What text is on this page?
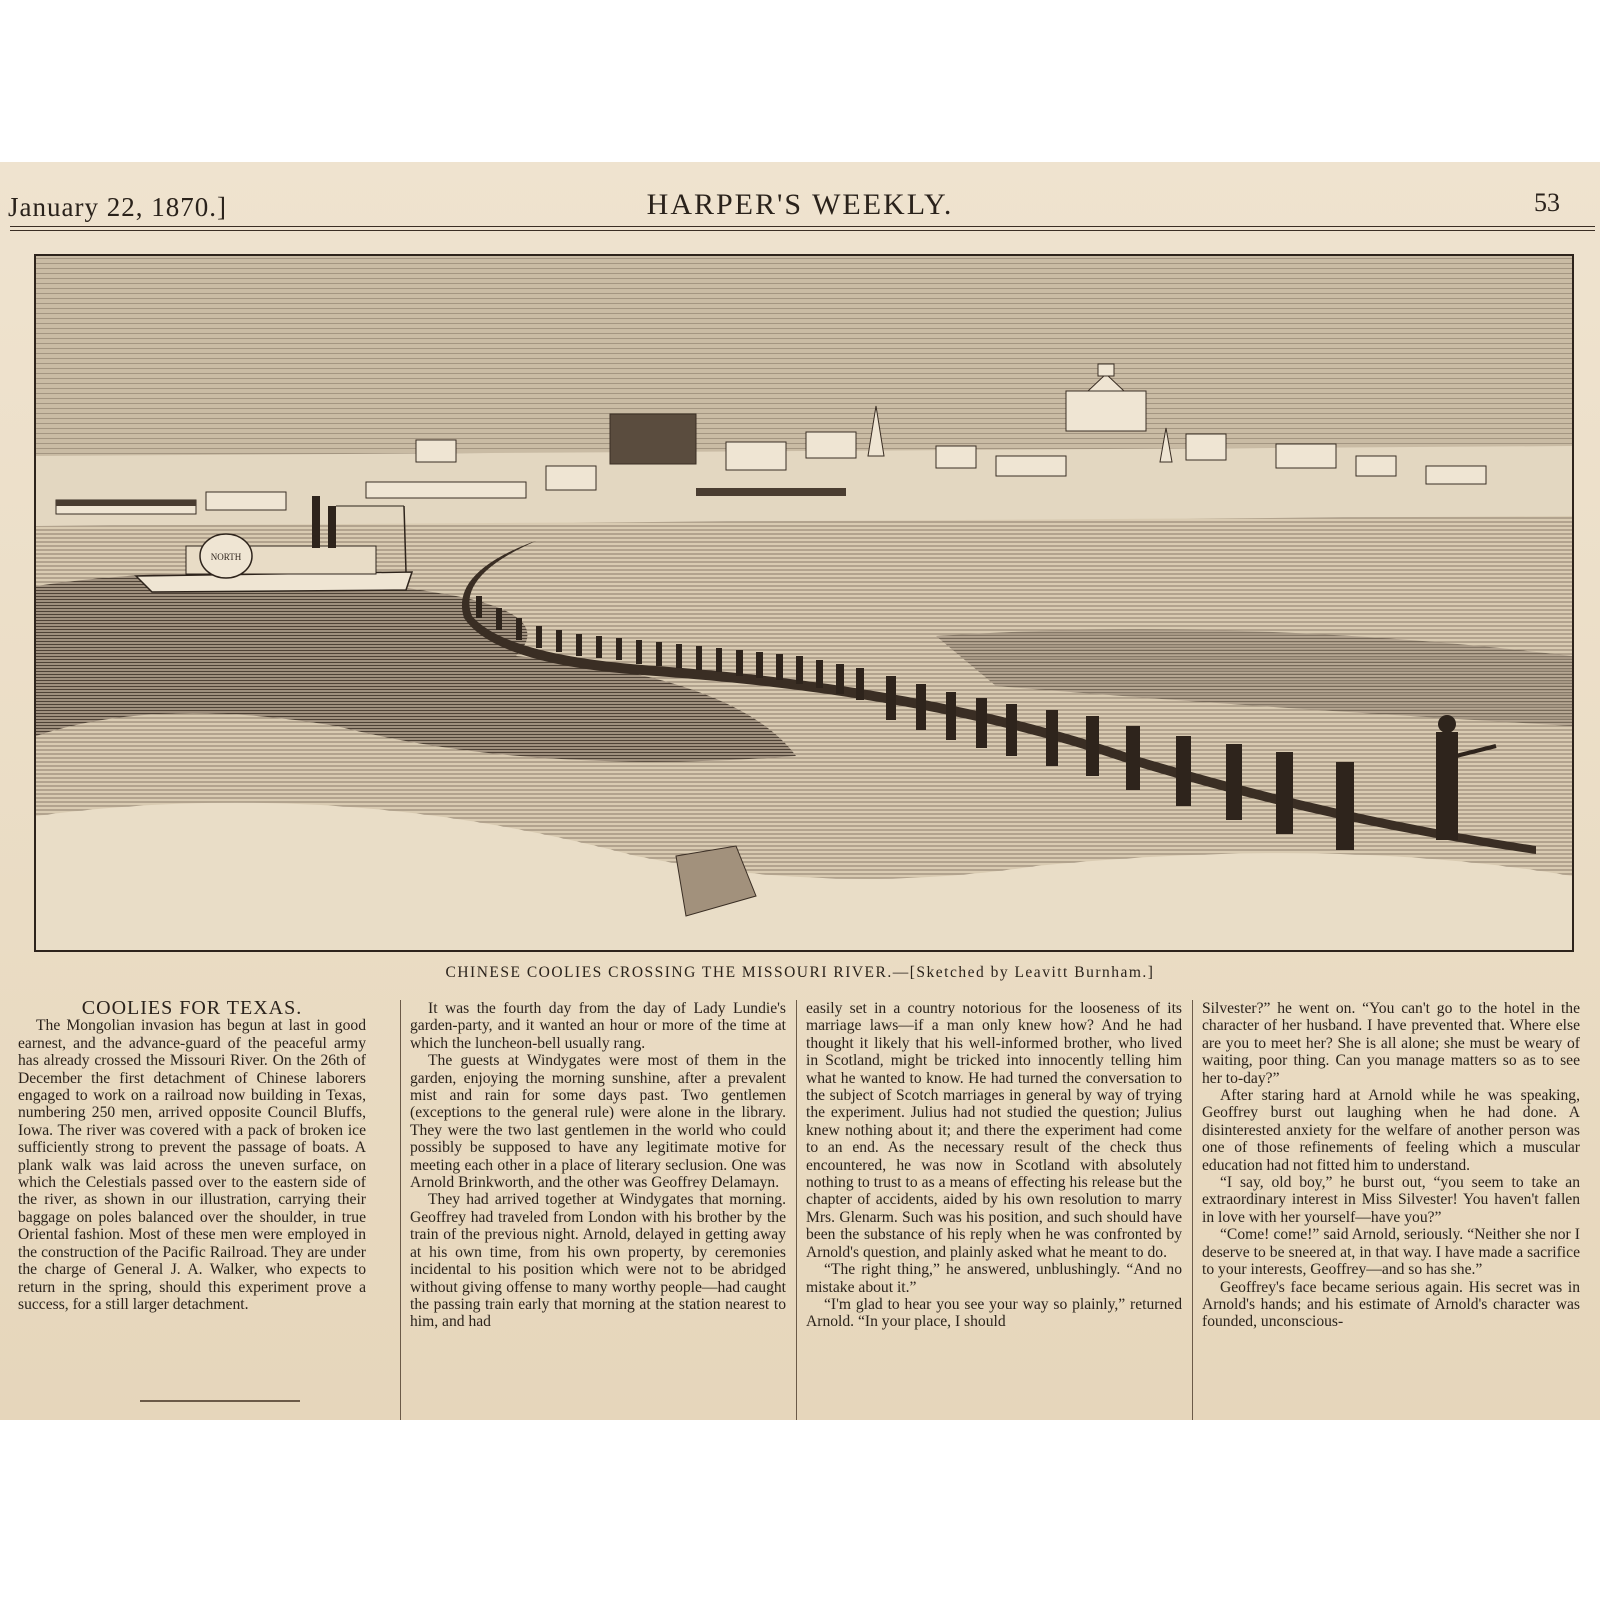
January 22, 1870.]	HARPER'S WEEKLY.	53
NORTH
CHINESE COOLIES CROSSING THE MISSOURI RIVER.—[Sketched by Leavitt Burnham.]

COOLIES FOR TEXAS.

The Mongolian invasion has begun at last in good earnest, and the advance-guard of the peaceful army has already crossed the Missouri River. On the 26th of December the first detachment of Chinese laborers engaged to work on a railroad now building in Texas, numbering 250 men, arrived opposite Council Bluffs, Iowa. The river was covered with a pack of broken ice sufficiently strong to prevent the passage of boats. A plank walk was laid across the uneven surface, on which the Celestials passed over to the eastern side of the river, as shown in our illustration, carrying their baggage on poles balanced over the shoulder, in true Oriental fashion. Most of these men were employed in the construction of the Pacific Railroad. They are under the charge of General J. A. Walker, who expects to return in the spring, should this experiment prove a success, for a still larger detachment.

It was the fourth day from the day of Lady Lundie's garden-party, and it wanted an hour or more of the time at which the luncheon-bell usually rang.

The guests at Windygates were most of them in the garden, enjoying the morning sunshine, after a prevalent mist and rain for some days past. Two gentlemen (exceptions to the general rule) were alone in the library. They were the two last gentlemen in the world who could possibly be supposed to have any legitimate motive for meeting each other in a place of literary seclusion. One was Arnold Brinkworth, and the other was Geoffrey Delamayn.

They had arrived together at Windygates that morning. Geoffrey had traveled from London with his brother by the train of the previous night. Arnold, delayed in getting away at his own time, from his own property, by ceremonies incidental to his position which were not to be abridged without giving offense to many worthy people—had caught the passing train early that morning at the station nearest to him, and had

easily set in a country notorious for the looseness of its marriage laws—if a man only knew how? And he had thought it likely that his well-informed brother, who lived in Scotland, might be tricked into innocently telling him what he wanted to know. He had turned the conversation to the subject of Scotch marriages in general by way of trying the experiment. Julius had not studied the question; Julius knew nothing about it; and there the experiment had come to an end. As the necessary result of the check thus encountered, he was now in Scotland with absolutely nothing to trust to as a means of effecting his release but the chapter of accidents, aided by his own resolution to marry Mrs. Glenarm. Such was his position, and such should have been the substance of his reply when he was confronted by Arnold's question, and plainly asked what he meant to do.

“The right thing,” he answered, unblushingly. “And no mistake about it.”

“I'm glad to hear you see your way so plainly,” returned Arnold. “In your place, I should

Silvester?” he went on. “You can't go to the hotel in the character of her husband. I have prevented that. Where else are you to meet her? She is all alone; she must be weary of waiting, poor thing. Can you manage matters so as to see her to-day?”

After staring hard at Arnold while he was speaking, Geoffrey burst out laughing when he had done. A disinterested anxiety for the welfare of another person was one of those refinements of feeling which a muscular education had not fitted him to understand.

“I say, old boy,” he burst out, “you seem to take an extraordinary interest in Miss Silvester! You haven't fallen in love with her yourself—have you?”

“Come! come!” said Arnold, seriously. “Neither she nor I deserve to be sneered at, in that way. I have made a sacrifice to your interests, Geoffrey—and so has she.”

Geoffrey's face became serious again. His secret was in Arnold's hands; and his estimate of Arnold's character was founded, unconscious-
